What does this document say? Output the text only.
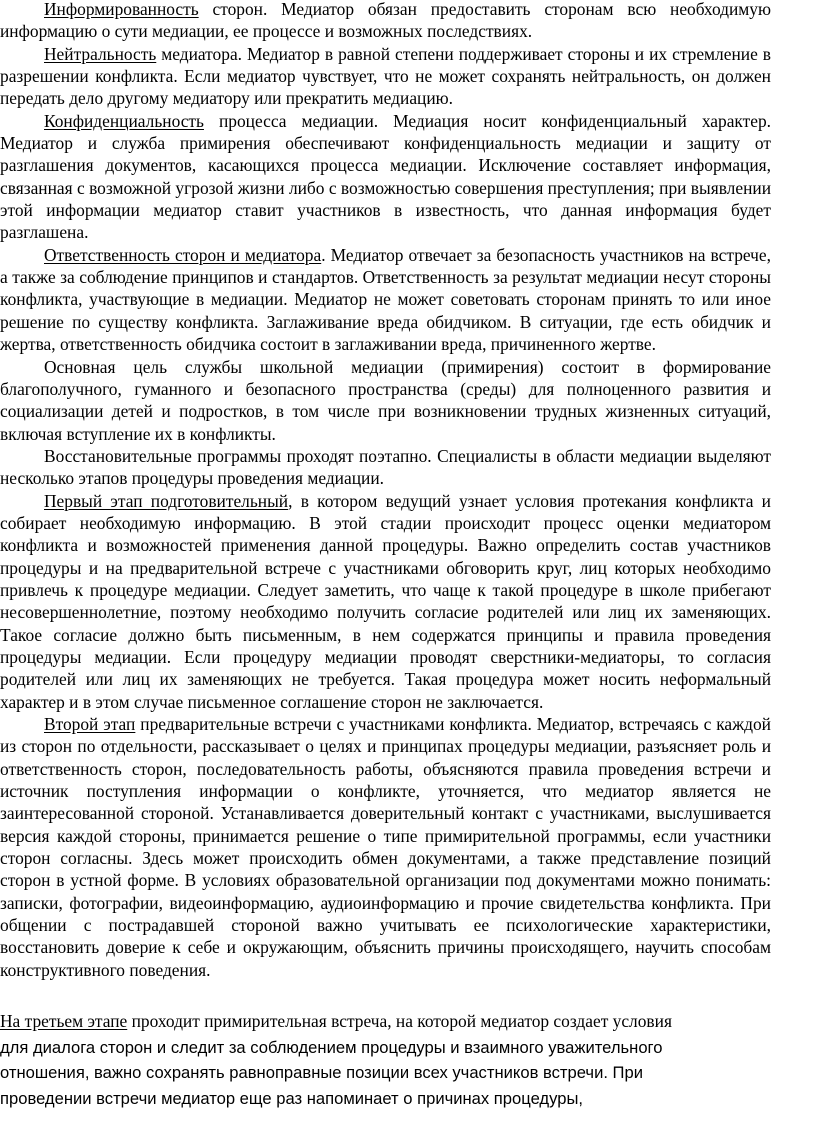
Информированность сторон. Медиатор обязан предоставить сторонам всю необходимую информацию о сути медиации, ее процессе и возможных последствиях.

Нейтральность медиатора. Медиатор в равной степени поддерживает стороны и их стремление в разрешении конфликта. Если медиатор чувствует, что не может сохранять нейтральность, он должен передать дело другому медиатору или прекратить медиацию.

Конфиденциальность процесса медиации. Медиация носит конфиденциальный характер. Медиатор и служба примирения обеспечивают конфиденциальность медиации и защиту от разглашения документов, касающихся процесса медиации. Исключение составляет информация, связанная с возможной угрозой жизни либо с возможностью совершения преступления; при выявлении этой информации медиатор ставит участников в известность, что данная информация будет разглашена.

Ответственность сторон и медиатора. Медиатор отвечает за безопасность участников на встрече, а также за соблюдение принципов и стандартов. Ответственность за результат медиации несут стороны конфликта, участвующие в медиации. Медиатор не может советовать сторонам принять то или иное решение по существу конфликта. Заглаживание вреда обидчиком. В ситуации, где есть обидчик и жертва, ответственность обидчика состоит в заглаживании вреда, причиненного жертве.

Основная цель службы школьной медиации (примирения) состоит в формирование благополучного, гуманного и безопасного пространства (среды) для полноценного развития и социализации детей и подростков, в том числе при возникновении трудных жизненных ситуаций, включая вступление их в конфликты.

Восстановительные программы проходят поэтапно. Специалисты в области медиации выделяют несколько этапов процедуры проведения медиации.

Первый этап подготовительный, в котором ведущий узнает условия протекания конфликта и собирает необходимую информацию. В этой стадии происходит процесс оценки медиатором конфликта и возможностей применения данной процедуры. Важно определить состав участников процедуры и на предварительной встрече с участниками обговорить круг, лиц которых необходимо привлечь к процедуре медиации. Следует заметить, что чаще к такой процедуре в школе прибегают несовершеннолетние, поэтому необходимо получить согласие родителей или лиц их заменяющих. Такое согласие должно быть письменным, в нем содержатся принципы и правила проведения процедуры медиации. Если процедуру медиации проводят сверстники-медиаторы, то согласия родителей или лиц их заменяющих не требуется. Такая процедура может носить неформальный характер и в этом случае письменное соглашение сторон не заключается.

Второй этап предварительные встречи с участниками конфликта. Медиатор, встречаясь с каждой из сторон по отдельности, рассказывает о целях и принципах процедуры медиации, разъясняет роль и ответственность сторон, последовательность работы, объясняются правила проведения встречи и источник поступления информации о конфликте, уточняется, что медиатор является не заинтересованной стороной. Устанавливается доверительный контакт с участниками, выслушивается версия каждой стороны, принимается решение о типе примирительной программы, если участники сторон согласны. Здесь может происходить обмен документами, а также представление позиций сторон в устной форме. В условиях образовательной организации под документами можно понимать: записки, фотографии, видеоинформацию, аудиоинформацию и прочие свидетельства конфликта. При общении с пострадавшей стороной важно учитывать ее психологические характеристики, восстановить доверие к себе и окружающим, объяснить причины происходящего, научить способам конструктивного поведения.

На третьем этапе проходит примирительная встреча, на которой медиатор создает условия

для диалога сторон и следит за соблюдением процедуры и взаимного уважительного

отношения, важно сохранять равноправные позиции всех участников встречи. При

проведении встречи медиатор еще раз напоминает о причинах процедуры,
